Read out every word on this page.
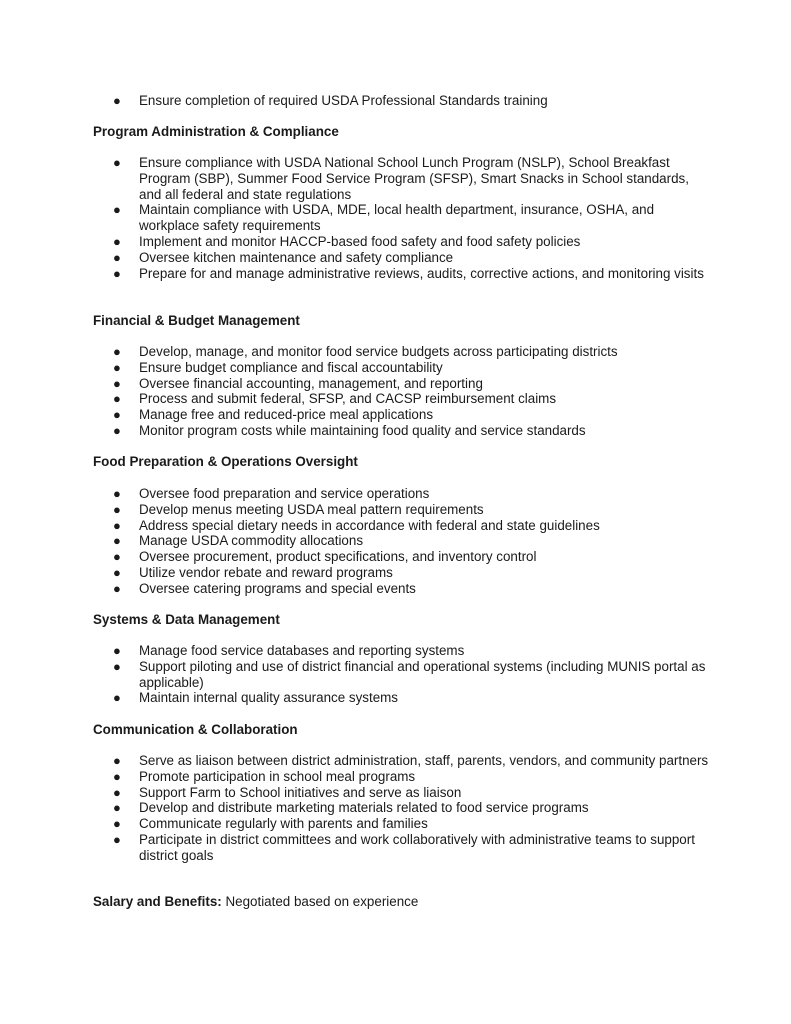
● Ensure completion of required USDA Professional Standards training
Program Administration & Compliance
● Ensure compliance with USDA National School Lunch Program (NSLP), School Breakfast Program (SBP), Summer Food Service Program (SFSP), Smart Snacks in School standards, and all federal and state regulations
● Maintain compliance with USDA, MDE, local health department, insurance, OSHA, and workplace safety requirements
● Implement and monitor HACCP-based food safety and food safety policies
● Oversee kitchen maintenance and safety compliance
● Prepare for and manage administrative reviews, audits, corrective actions, and monitoring visits
Financial & Budget Management
● Develop, manage, and monitor food service budgets across participating districts
● Ensure budget compliance and fiscal accountability
● Oversee financial accounting, management, and reporting
● Process and submit federal, SFSP, and CACSP reimbursement claims
● Manage free and reduced-price meal applications
● Monitor program costs while maintaining food quality and service standards
Food Preparation & Operations Oversight
● Oversee food preparation and service operations
● Develop menus meeting USDA meal pattern requirements
● Address special dietary needs in accordance with federal and state guidelines
● Manage USDA commodity allocations
● Oversee procurement, product specifications, and inventory control
● Utilize vendor rebate and reward programs
● Oversee catering programs and special events
Systems & Data Management
● Manage food service databases and reporting systems
● Support piloting and use of district financial and operational systems (including MUNIS portal as applicable)
● Maintain internal quality assurance systems
Communication & Collaboration
● Serve as liaison between district administration, staff, parents, vendors, and community partners
● Promote participation in school meal programs
● Support Farm to School initiatives and serve as liaison
● Develop and distribute marketing materials related to food service programs
● Communicate regularly with parents and families
● Participate in district committees and work collaboratively with administrative teams to support district goals
Salary and Benefits: Negotiated based on experience
